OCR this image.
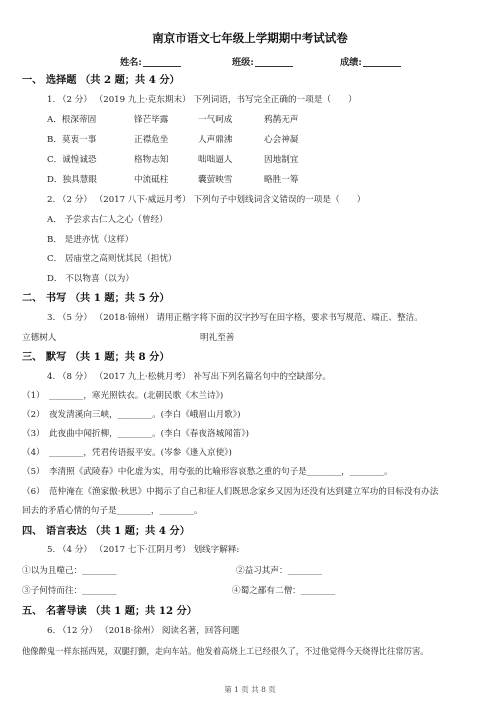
南京市语文七年级上学期期中考试试卷
姓名:	班级:	成绩:
一、 选择题 （共 2 题；共 4 分）
1. （2 分） （2019 九上·克东期末） 下列词语，书写完全正确的一项是（　　）
A．根深蒂固	锋芒毕露	一气呵成	鸦鹊无声
B．莫衷一事	正襟危坐	人声鼎沸	心会神凝
C．诚惶诚恐	格物志知	咄咄逼人	因地制宜
D．独具慧眼	中流砥柱	囊萤映雪	略胜一筹
2. （2 分） （2017 八下·威远月考） 下列句子中划线词含义错误的一项是（　　）
A． 予尝求古仁人之心（曾经）
B． 是进亦忧（这样）
C． 居庙堂之高则忧其民（担忧）
D． 不以物喜（以为）
二、 书写 （共 1 题；共 5 分）
3. （5 分） （2018·锦州） 请用正楷字将下面的汉字抄写在田字格，要求书写规范、端正、整洁。
立德树人	明礼至善
三、 默写 （共 1 题；共 8 分）
4. （8 分） （2017 九上·松桃月考） 补写出下列名篇名句中的空缺部分。
（1）　________，寒光照铁衣。(北朝民歌《木兰诗》)
（2）　夜发清溪向三峡，________。(李白《峨眉山月歌》)
（3）　此夜曲中闻折柳，________。(李白《春夜洛城闻笛》)
（4）　________，凭君传语报平安。(岑参《逢入京使》)
（5）　李清照《武陵春》中化虚为实，用夸张的比喻形容哀愁之重的句子是________，________。
（6）　范仲淹在《渔家傲·秋思》中揭示了自己和征人们既思念家乡又因为还没有达到建立军功的目标没有办法
回去的矛盾心情的句子是________，________。
四、 语言表达 （共 1 题；共 4 分）
5. （4 分） （2017 七下·江阴月考） 划线字解释:
①以为且噬己：________	②益习其声：________
③子何恃而往：________	④蜀之鄙有二僧：________
五、 名著导读 （共 1 题；共 12 分）
6. （12 分） （2018·徐州） 阅读名著，回答问题
他像醉鬼一样东摇西晃，双腿打颤，走向车站。他发着高烧上工已经很久了，不过他觉得今天烧得比往常厉害。
第 1 页 共 8 页
